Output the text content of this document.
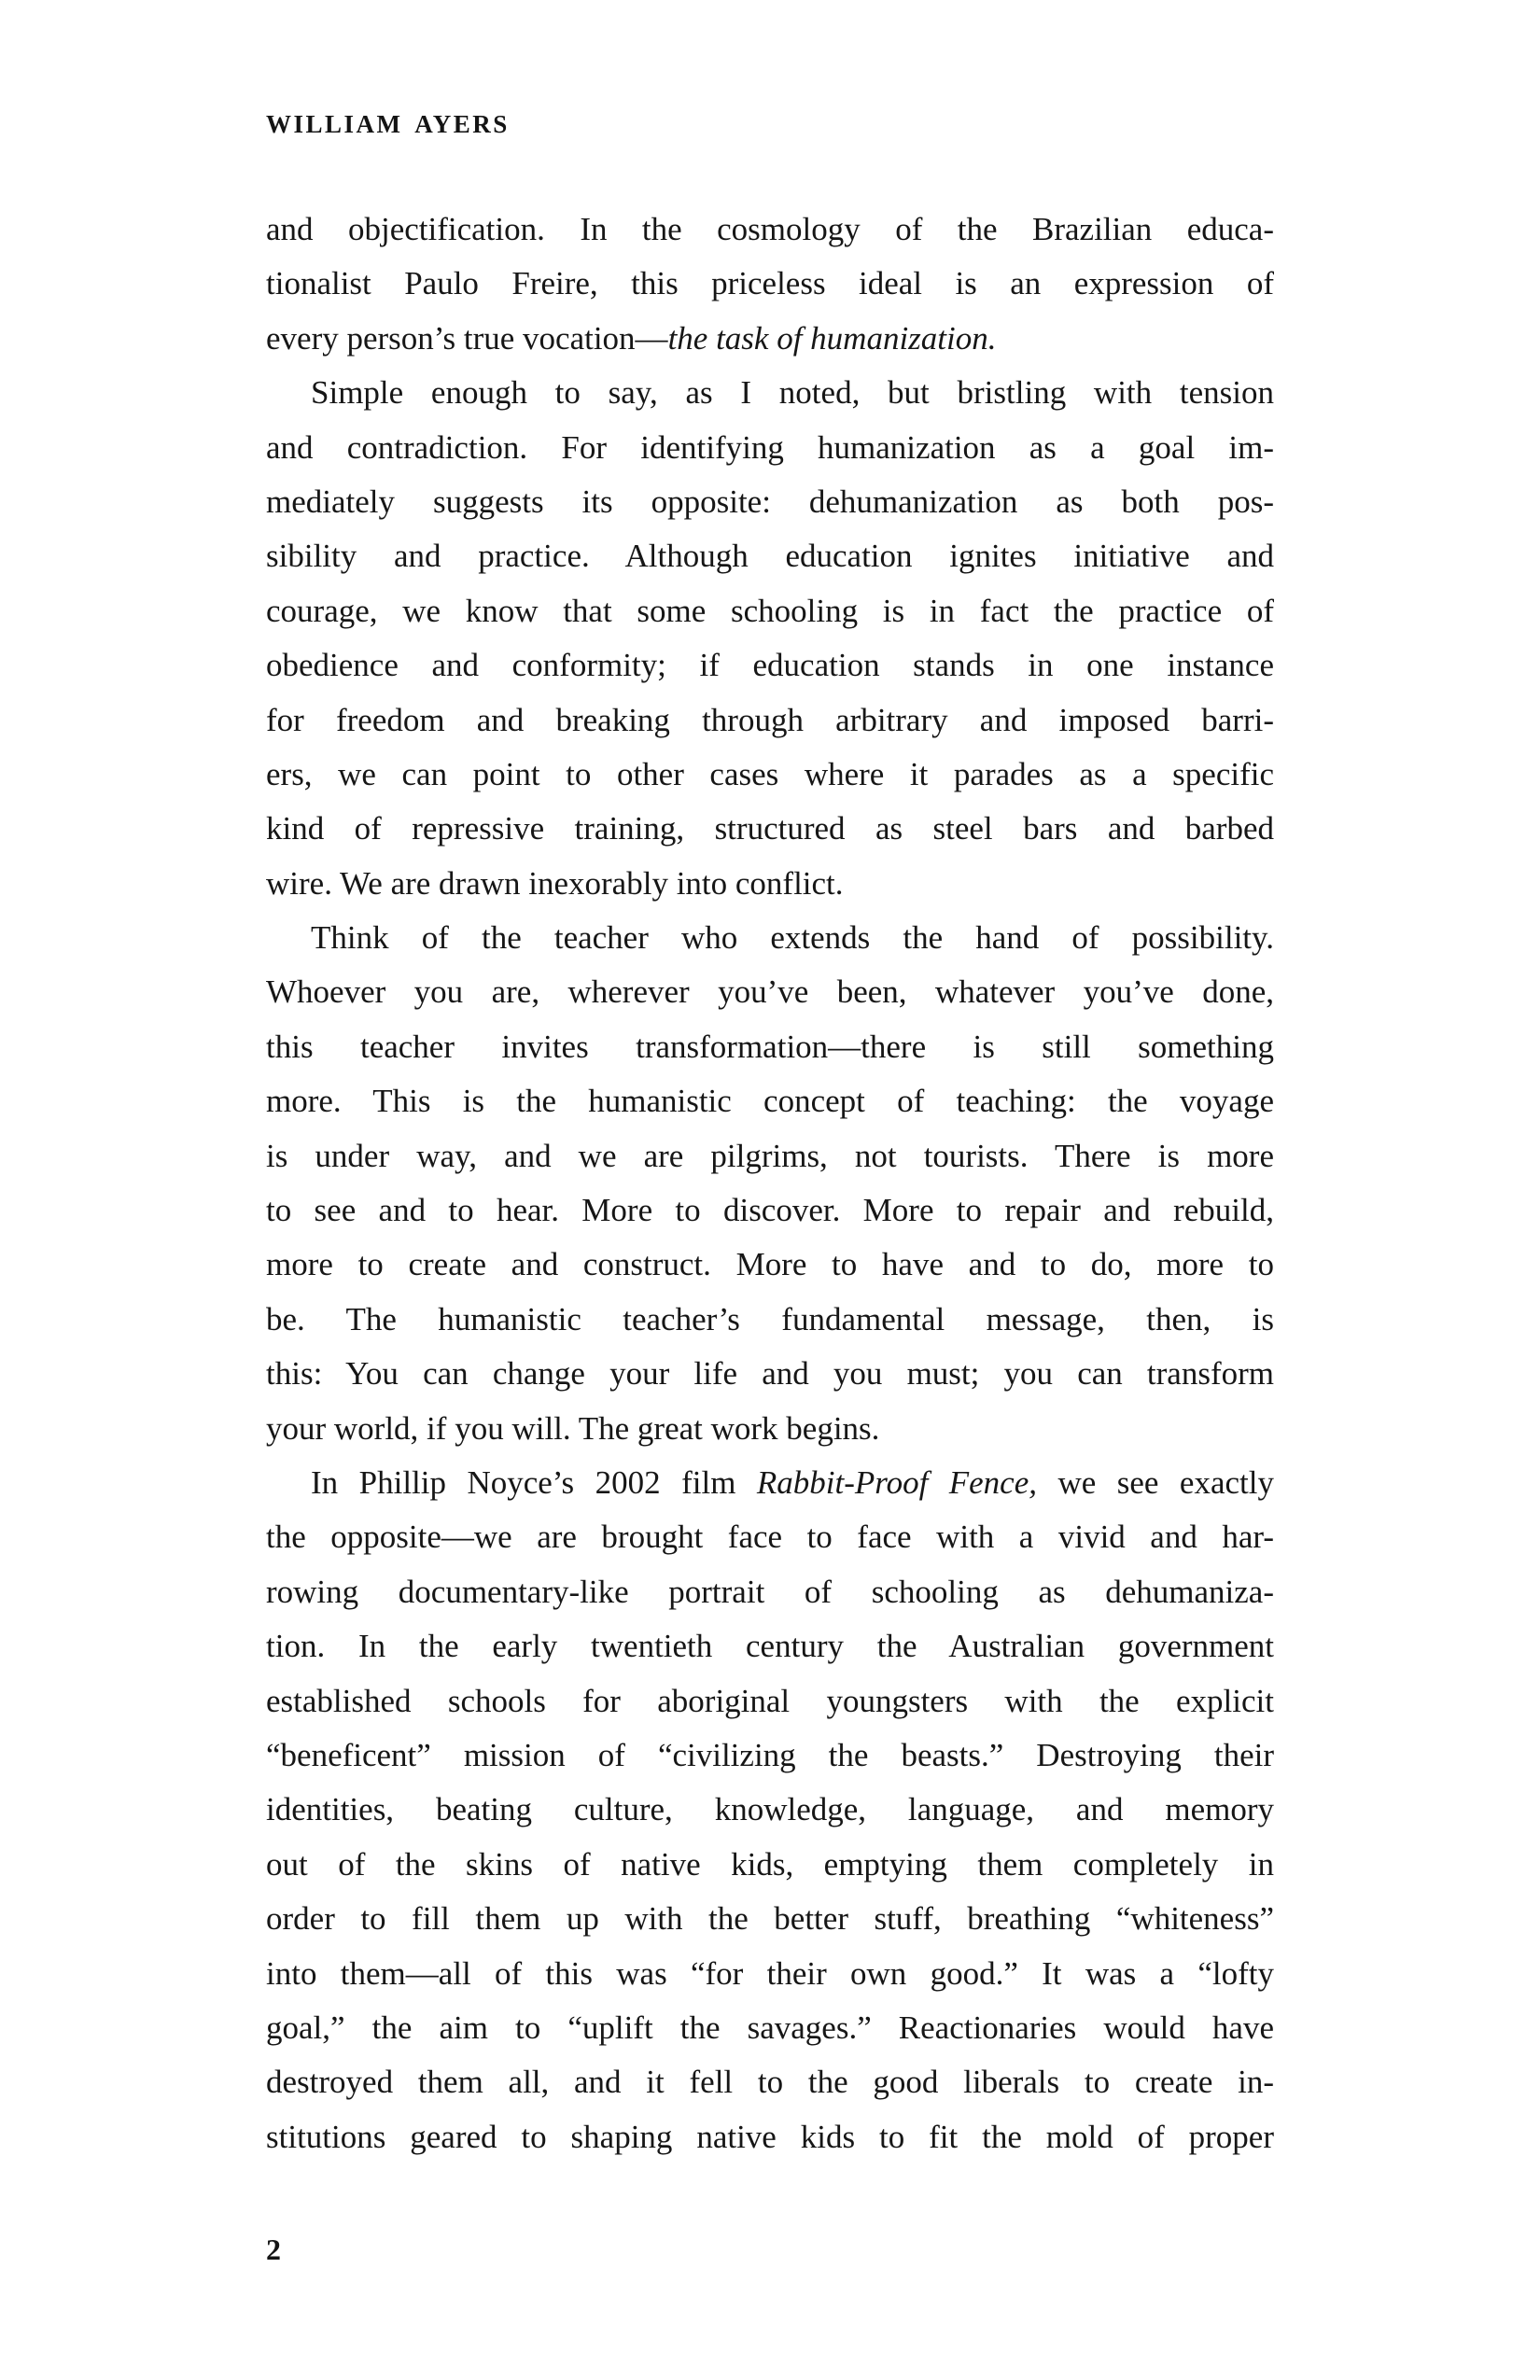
WILLIAM AYERS
and objectification. In the cosmology of the Brazilian educa-
tionalist Paulo Freire, this priceless ideal is an expression of
every person’s true vocation—the task of humanization.
Simple enough to say, as I noted, but bristling with tension
and contradiction. For identifying humanization as a goal im-
mediately suggests its opposite: dehumanization as both pos-
sibility and practice. Although education ignites initiative and
courage, we know that some schooling is in fact the practice of
obedience and conformity; if education stands in one instance
for freedom and breaking through arbitrary and imposed barri-
ers, we can point to other cases where it parades as a specific
kind of repressive training, structured as steel bars and barbed
wire. We are drawn inexorably into conflict.
Think of the teacher who extends the hand of possibility.
Whoever you are, wherever you’ve been, whatever you’ve done,
this teacher invites transformation—there is still something
more. This is the humanistic concept of teaching: the voyage
is under way, and we are pilgrims, not tourists. There is more
to see and to hear. More to discover. More to repair and rebuild,
more to create and construct. More to have and to do, more to
be. The humanistic teacher’s fundamental message, then, is
this: You can change your life and you must; you can transform
your world, if you will. The great work begins.
In Phillip Noyce’s 2002 film Rabbit-Proof Fence, we see exactly
the opposite—we are brought face to face with a vivid and har-
rowing documentary-like portrait of schooling as dehumaniza-
tion. In the early twentieth century the Australian government
established schools for aboriginal youngsters with the explicit
“beneficent” mission of “civilizing the beasts.” Destroying their
identities, beating culture, knowledge, language, and memory
out of the skins of native kids, emptying them completely in
order to fill them up with the better stuff, breathing “whiteness”
into them—all of this was “for their own good.” It was a “lofty
goal,” the aim to “uplift the savages.” Reactionaries would have
destroyed them all, and it fell to the good liberals to create in-
stitutions geared to shaping native kids to fit the mold of proper
2
